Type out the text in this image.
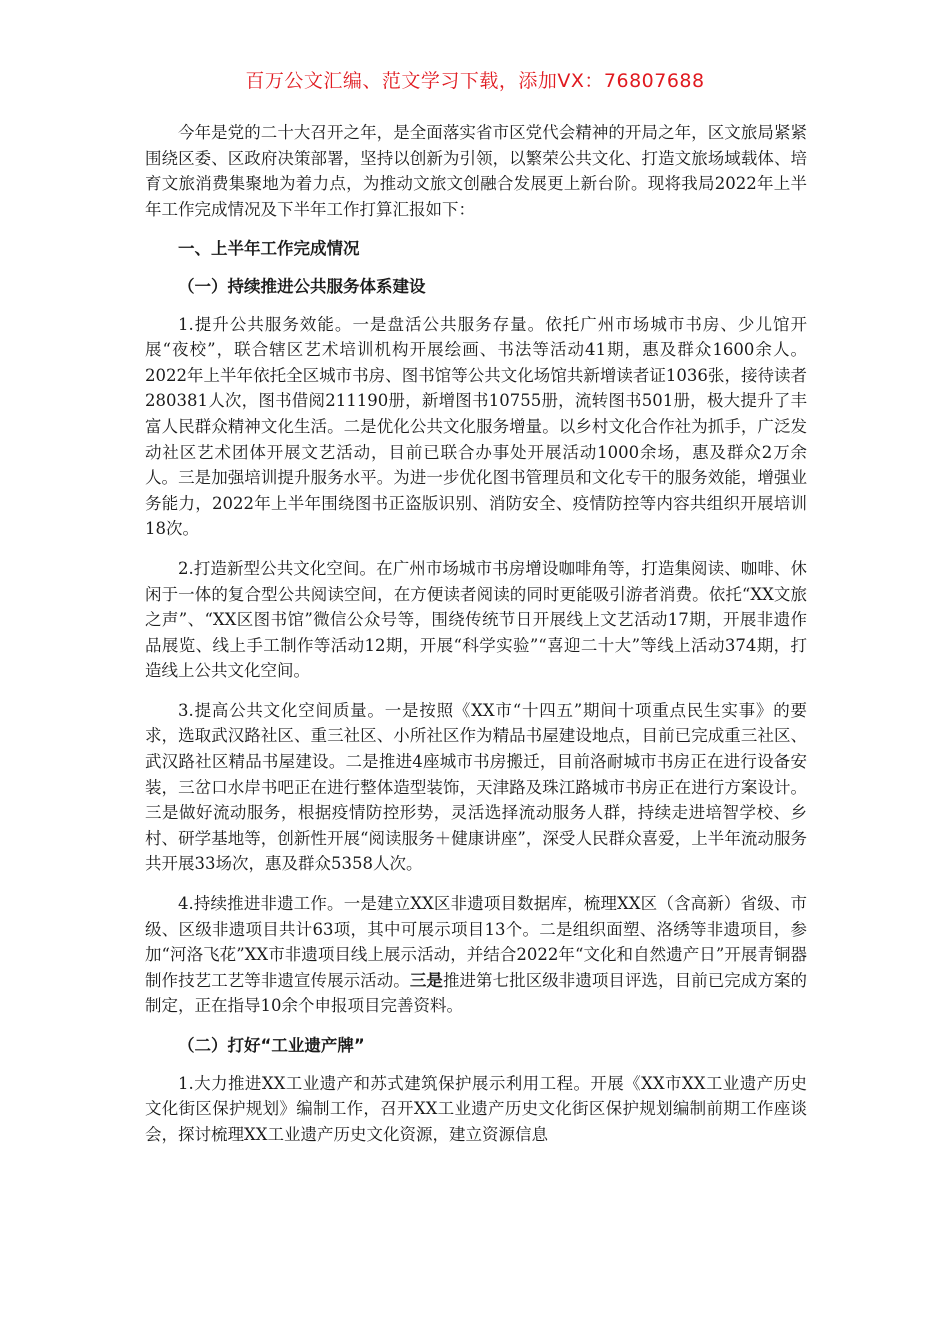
百万公文汇编、范文学习下载，添加VX：76807688

今年是党的二十大召开之年，是全面落实省市区党代会精神的开局之年，区文旅局紧紧围绕区委、区政府决策部署，坚持以创新为引领，以繁荣公共文化、打造文旅场域载体、培育文旅消费集聚地为着力点，为推动文旅文创融合发展更上新台阶。现将我局2022年上半年工作完成情况及下半年工作打算汇报如下：

一、上半年工作完成情况

（一）持续推进公共服务体系建设

1.提升公共服务效能。一是盘活公共服务存量。依托广州市场城市书房、少儿馆开展“夜校”，联合辖区艺术培训机构开展绘画、书法等活动41期，惠及群众1600余人。2022年上半年依托全区城市书房、图书馆等公共文化场馆共新增读者证1036张，接待读者280381人次，图书借阅211190册，新增图书10755册，流转图书501册，极大提升了丰富人民群众精神文化生活。二是优化公共文化服务增量。以乡村文化合作社为抓手，广泛发动社区艺术团体开展文艺活动，目前已联合办事处开展活动1000余场，惠及群众2万余人。三是加强培训提升服务水平。为进一步优化图书管理员和文化专干的服务效能，增强业务能力，2022年上半年围绕图书正盗版识别、消防安全、疫情防控等内容共组织开展培训18次。

2.打造新型公共文化空间。在广州市场城市书房增设咖啡角等，打造集阅读、咖啡、休闲于一体的复合型公共阅读空间，在方便读者阅读的同时更能吸引游者消费。依托“XX文旅之声”、“XX区图书馆”微信公众号等，围绕传统节日开展线上文艺活动17期，开展非遗作品展览、线上手工制作等活动12期，开展“科学实验”“喜迎二十大”等线上活动374期，打造线上公共文化空间。

3.提高公共文化空间质量。一是按照《XX市“十四五”期间十项重点民生实事》的要求，选取武汉路社区、重三社区、小所社区作为精品书屋建设地点，目前已完成重三社区、武汉路社区精品书屋建设。二是推进4座城市书房搬迁，目前洛耐城市书房正在进行设备安装，三岔口水岸书吧正在进行整体造型装饰，天津路及珠江路城市书房正在进行方案设计。三是做好流动服务，根据疫情防控形势，灵活选择流动服务人群，持续走进培智学校、乡村、研学基地等，创新性开展“阅读服务＋健康讲座”，深受人民群众喜爱，上半年流动服务共开展33场次，惠及群众5358人次。

4.持续推进非遗工作。一是建立XX区非遗项目数据库，梳理XX区（含高新）省级、市级、区级非遗项目共计63项，其中可展示项目13个。二是组织面塑、洛绣等非遗项目，参加“河洛飞花”XX市非遗项目线上展示活动，并结合2022年“文化和自然遗产日”开展青铜器制作技艺工艺等非遗宣传展示活动。三是推进第七批区级非遗项目评选，目前已完成方案的制定，正在指导10余个申报项目完善资料。

（二）打好“工业遗产牌”

1.大力推进XX工业遗产和苏式建筑保护展示利用工程。开展《XX市XX工业遗产历史文化街区保护规划》编制工作，召开XX工业遗产历史文化街区保护规划编制前期工作座谈会，探讨梳理XX工业遗产历史文化资源，建立资源信息
